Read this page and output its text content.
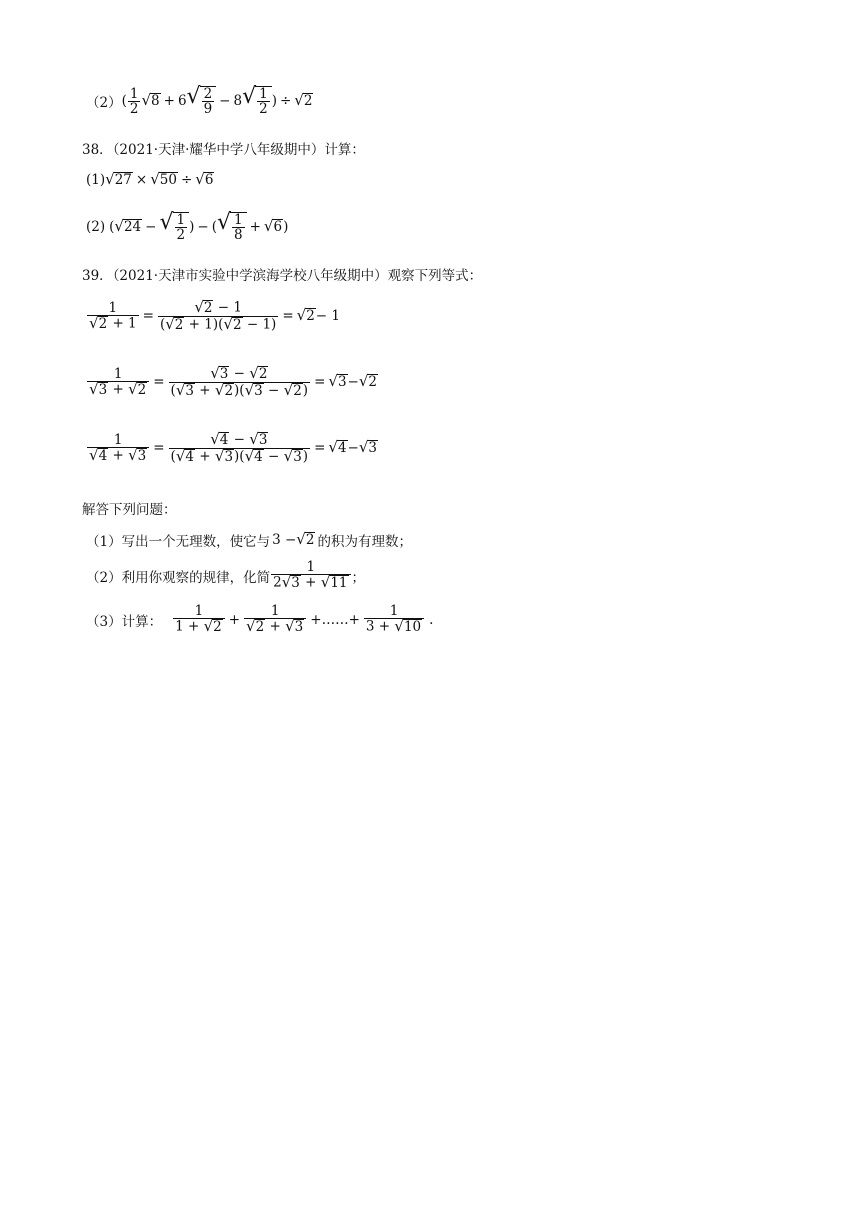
（2） ( $\frac{1}{2}$ √ 8 + 6 √ $\frac{2}{9} - 8$ √ $\frac{1}{2}$ ) ÷ √ 2
38．（2021·天津·耀华中学八年级期中）计算：
(1) √ 27 × √ 50 ÷ √ 6
(2) ( √ 24 − √ $\frac{1}{2}$ ) − ( √ $\frac{1}{8}$ + √ 6 )
39．（2021·天津市实验中学滨海学校八年级期中）观察下列等式：
$\frac{1}{√ 2 + 1} = \frac{√ 2 - 1}{( √ 2 + 1)( √ 2 - 1)}$ = √ 2 − 1
$\frac{1}{√ 3 + √ 2} = \frac{√ 3 - √ 2}{( √ 3 + √ 2 )( √ 3 - √ 2 )}$ = √ 3 − √ 2
$\frac{1}{√ 4 + √ 3} = \frac{√ 4 - √ 3}{( √ 4 + √ 3 )( √ 4 - √ 3 )}$ = √ 4 − √ 3
解答下列问题：
（1） 写出一个无理数，使它与 3 − √ 2 的积为有理数；
（2） 利用你观察的规律，化简 $\frac{1}{2 √ 3 + √ 11}$ ；
（3） 计算： $\frac{1}{1 + √ 2} + \frac{1}{√ 2 + √ 3}$ +……+ $\frac{1}{3 + √ 10}$ .
